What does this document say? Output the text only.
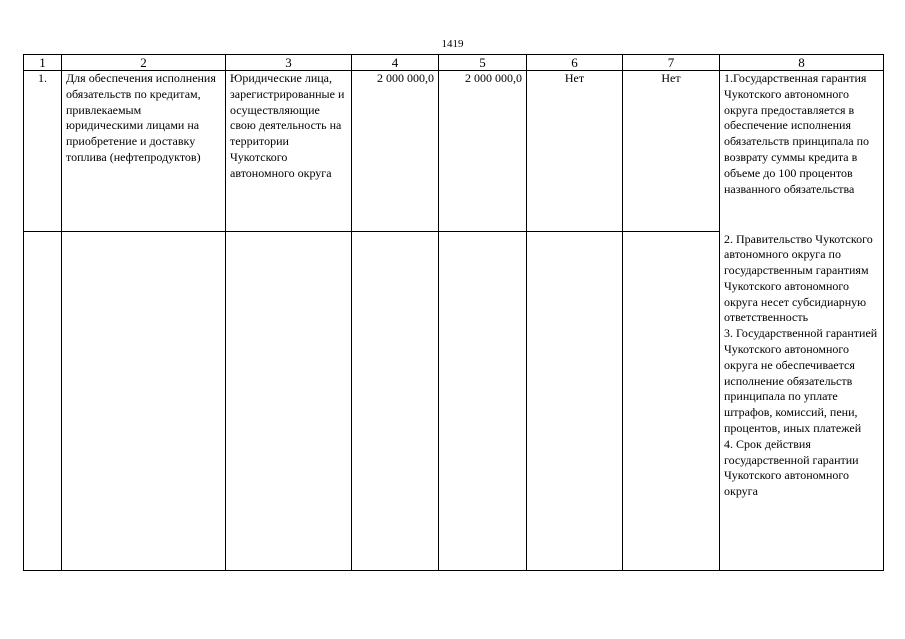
1419
1	2	3	4	5	6	7	8
1.	Для обеспечения исполнения обязательств по кредитам, привлекаемым юридическими лицами на приобретение и доставку топлива (нефтепродуктов)	Юридические лица, зарегистрированные и осуществляющие свою деятельность на территории Чукотского автономного округа	2 000 000,0	2 000 000,0	Нет	Нет	1.Государственная гарантия Чукотского автономного округа предоставляется в обеспечение исполнения обязательств принципала по возврату суммы кредита в объеме до 100 процентов названного обязательства

							2. Правительство Чукотского автономного округа по государственным гарантиям Чукотского автономного округа несет субсидиарную ответственность
3. Государственной гарантией Чукотского автономного округа не обеспечивается исполнение обязательств принципала по уплате штрафов, комиссий, пени, процентов, иных платежей
4. Срок действия государственной гарантии Чукотского автономного округа
